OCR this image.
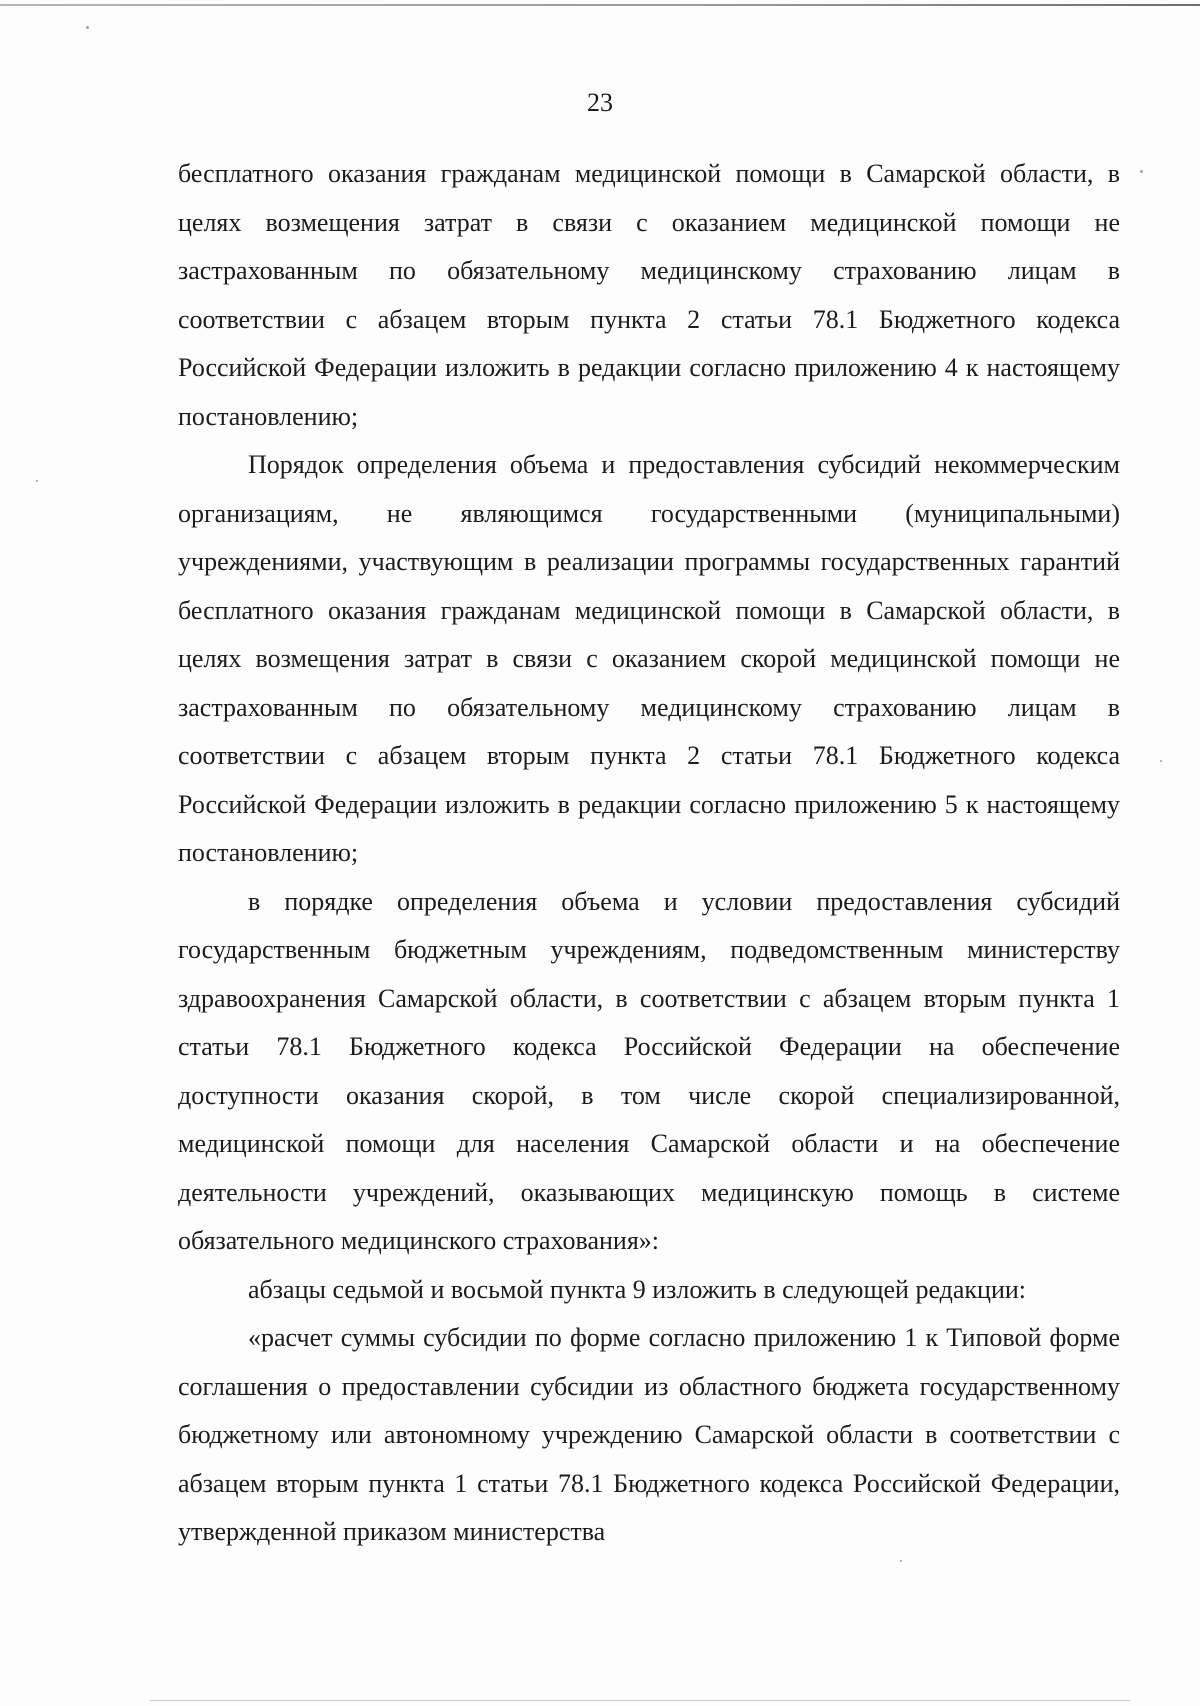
23

бесплатного оказания гражданам медицинской помощи в Самарской области, в целях возмещения затрат в связи с оказанием медицинской помощи не застрахованным по обязательному медицинскому страхованию лицам в соответствии с абзацем вторым пункта 2 статьи 78.1 Бюджетного кодекса Российской Федерации изложить в редакции согласно приложению 4 к настоящему постановлению;

Порядок определения объема и предоставления субсидий некоммерческим организациям, не являющимся государственными (муниципальными) учреждениями, участвующим в реализации программы государственных гарантий бесплатного оказания гражданам медицинской помощи в Самарской области, в целях возмещения затрат в связи с оказанием скорой медицинской помощи не застрахованным по обязательному медицинскому страхованию лицам в соответствии с абзацем вторым пункта 2 статьи 78.1 Бюджетного кодекса Российской Федерации изложить в редакции согласно приложению 5 к настоящему постановлению;

в порядке определения объема и условии предоставления субсидий государственным бюджетным учреждениям, подведомственным министерству здравоохранения Самарской области, в соответствии с абзацем вторым пункта 1 статьи 78.1 Бюджетного кодекса Российской Федерации на обеспечение доступности оказания скорой, в том числе скорой специализированной, медицинской помощи для населения Самарской области и на обеспечение деятельности учреждений, оказывающих медицинскую помощь в системе обязательного медицинского страхования»:

абзацы седьмой и восьмой пункта 9 изложить в следующей редакции:

«расчет суммы субсидии по форме согласно приложению 1 к Типовой форме соглашения о предоставлении субсидии из областного бюджета государственному бюджетному или автономному учреждению Самарской области в соответствии с абзацем вторым пункта 1 статьи 78.1 Бюджетного кодекса Российской Федерации, утвержденной приказом министерства
